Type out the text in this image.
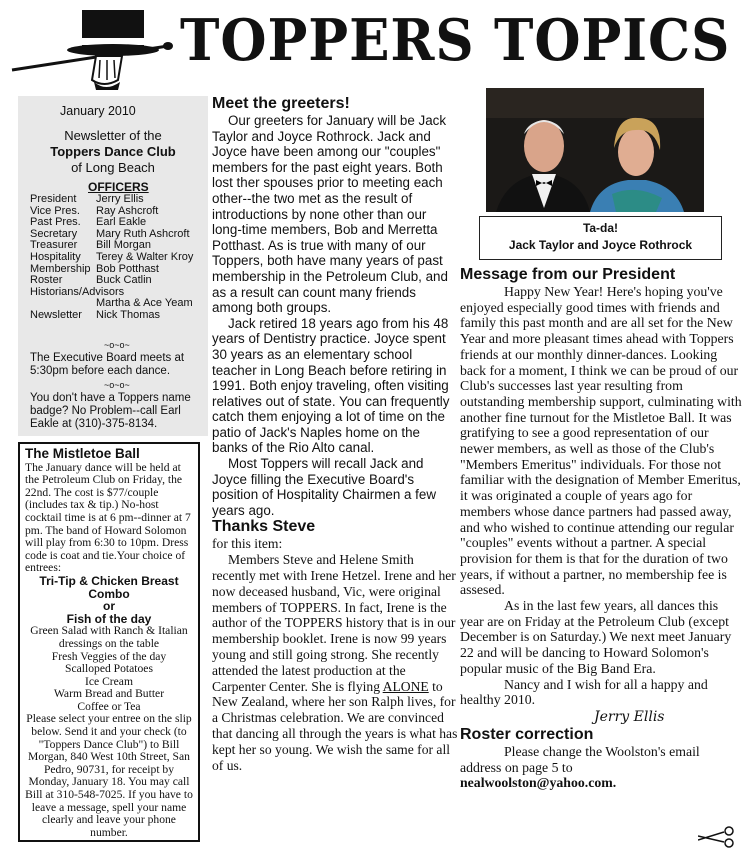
TOPPERS TOPICS
January 2010
Newsletter of the
Toppers Dance Club
of Long Beach
OFFICERS
President Jerry Ellis
Vice Pres. Ray Ashcroft
Past Pres. Earl Eakle
Secretary Mary Ruth Ashcroft
Treasurer Bill Morgan
Hospitality Terey & Walter Kroy
Membership Bob Potthast
Roster	Buck Catlin
Historians/Advisors
Martha & Ace Yeam
Newsletter Nick Thomas
~o~o~
The Executive Board meets at 5:30pm before each dance.
~o~o~
You don't have a Toppers name badge? No Problem--call Earl Eakle at (310)-375-8134.
The Mistletoe Ball
The January dance will be held at the Petroleum Club on Friday, the 22nd. The cost is $77/couple (includes tax & tip.) No-host cocktail time is at 6 pm--dinner at 7 pm. The band of Howard Solomon will play from 6:30 to 10pm. Dress code is coat and tie.Your choice of entrees:
Tri-Tip & Chicken Breast Combo
or
Fish of the day
Green Salad with Ranch & Italian dressings on the table
Fresh Veggies of the day
Scalloped Potatoes
Ice Cream
Warm Bread and Butter
Coffee or Tea
Please select your entree on the slip below. Send it and your check (to "Toppers Dance Club") to Bill Morgan, 840 West 10th Street, San Pedro, 90731, for receipt by Monday, January 18. You may call Bill at 310-548-7025. If you have to leave a message, spell your name clearly and leave your phone number.
Meet the greeters!

Our greeters for January will be Jack Taylor and Joyce Rothrock. Jack and Joyce have been among our "couples" members for the past eight years. Both lost ther spouses prior to meeting each other--the two met as the result of introductions by none other than our long-time members, Bob and Merretta Potthast. As is true with many of our Toppers, both have many years of past membership in the Petroleum Club, and as a result can count many friends among both groups.

Jack retired 18 years ago from his 48 years of Dentistry practice. Joyce spent 30 years as an elementary school teacher in Long Beach before retiring in 1991. Both enjoy traveling, often visiting relatives out of state. You can frequently catch them enjoying a lot of time on the patio of Jack's Naples home on the banks of the Rio Alto canal.

Most Toppers will recall Jack and Joyce filling the Executive Board's position of Hospitality Chairmen a few years ago.

Thanks Steve
for this item:

Members Steve and Helene Smith recently met with Irene Hetzel. Irene and her now deceased husband, Vic, were original members of TOPPERS. In fact, Irene is the author of the TOPPERS history that is in our membership booklet. Irene is now 99 years young and still going strong. She recently attended the latest production at the Carpenter Center. She is flying ALONE to New Zealand, where her son Ralph lives, for a Christmas celebration. We are convinced that dancing all through the years is what has kept her so young. We wish the same for all of us.

Ta-da!
Jack Taylor and Joyce Rothrock
Message from our President

Happy New Year! Here's hoping you've enjoyed especially good times with friends and family this past month and are all set for the New Year and more pleasant times ahead with Toppers friends at our monthly dinner-dances. Looking back for a moment, I think we can be proud of our Club's successes last year resulting from outstanding membership support, culminating with another fine turnout for the Mistletoe Ball. It was gratifying to see a good representation of our newer members, as well as those of the Club's "Members Emeritus" individuals. For those not familiar with the designation of Member Emeritus, it was originated a couple of years ago for members whose dance partners had passed away, and who wished to continue attending our regular "couples" events without a partner. A special provision for them is that for the duration of two years, if without a partner, no membership fee is assesed.

As in the last few years, all dances this year are on Friday at the Petroleum Club (except December is on Saturday.) We next meet January 22 and will be dancing to Howard Solomon's popular music of the Big Band Era.

Nancy and I wish for all a happy and healthy 2010.

Jerry Ellis
Roster correction

Please change the Woolston's email address on page 5 to

nealwoolston@yahoo.com.
